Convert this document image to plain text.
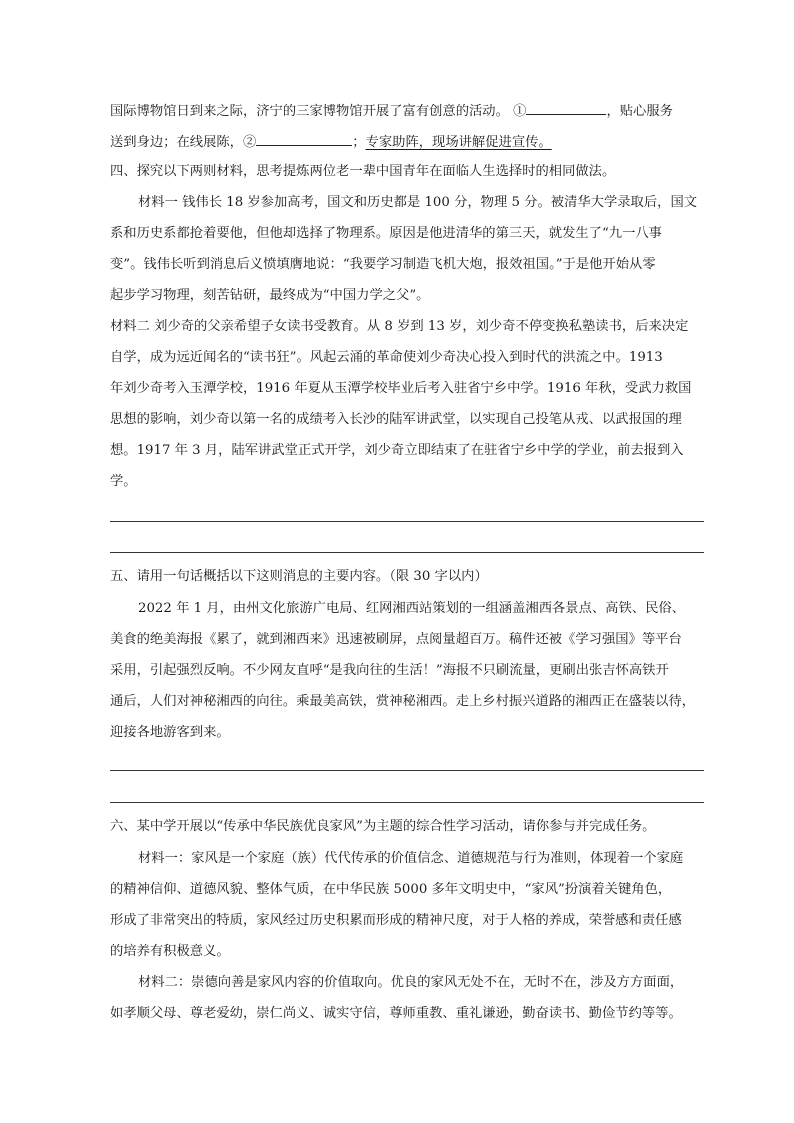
国际博物馆日到来之际，济宁的三家博物馆开展了富有创意的活动。 ①	，贴心服务
送到身边；在线展陈，②	；专家助阵，现场讲解促进宣传。
四、探究以下两则材料，思考提炼两位老一辈中国青年在面临人生选择时的相同做法。
材料一 钱伟长 18 岁参加高考，国文和历史都是 100 分，物理 5 分。被清华大学录取后，国文
系和历史系都抢着要他，但他却选择了物理系。原因是他进清华的第三天，就发生了“九一八事
变”。钱伟长听到消息后义愤填膺地说：“我要学习制造飞机大炮，报效祖国。”于是他开始从零
起步学习物理，刻苦钻研，最终成为“中国力学之父”。
材料二 刘少奇的父亲希望子女读书受教育。从 8 岁到 13 岁，刘少奇不停变换私塾读书，后来决定
自学，成为远近闻名的“读书狂”。风起云涌的革命使刘少奇决心投入到时代的洪流之中。1913
年刘少奇考入玉潭学校，1916 年夏从玉潭学校毕业后考入驻省宁乡中学。1916 年秋，受武力救国
思想的影响，刘少奇以第一名的成绩考入长沙的陆军讲武堂，以实现自己投笔从戎、以武报国的理
想。1917 年 3 月，陆军讲武堂正式开学，刘少奇立即结束了在驻省宁乡中学的学业，前去报到入
学。
五、请用一句话概括以下这则消息的主要内容。（限 30 字以内）
2022 年 1 月，由州文化旅游广电局、红网湘西站策划的一组涵盖湘西各景点、高铁、民俗、
美食的绝美海报《累了，就到湘西来》迅速被刷屏，点阅量超百万。稿件还被《学习强国》等平台
采用，引起强烈反响。不少网友直呼“是我向往的生活！”海报不只刷流量，更刷出张吉怀高铁开
通后，人们对神秘湘西的向往。乘最美高铁，赏神秘湘西。走上乡村振兴道路的湘西正在盛装以待，
迎接各地游客到来。
六、某中学开展以“传承中华民族优良家风”为主题的综合性学习活动，请你参与并完成任务。
材料一：家风是一个家庭（族）代代传承的价值信念、道德规范与行为准则，体现着一个家庭
的精神信仰、道德风貌、整体气质，在中华民族 5000 多年文明史中，“家风”扮演着关键角色，
形成了非常突出的特质，家风经过历史积累而形成的精神尺度，对于人格的养成，荣誉感和责任感
的培养有积极意义。
材料二：崇德向善是家风内容的价值取向。优良的家风无处不在，无时不在，涉及方方面面，
如孝顺父母、尊老爱幼，崇仁尚义、诚实守信，尊师重教、重礼谦逊，勤奋读书、勤俭节约等等。
